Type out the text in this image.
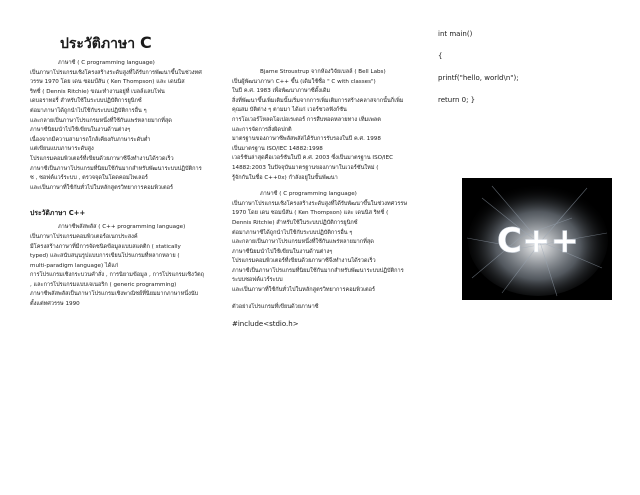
ประวัติภาษา C

ภาษาซี ( C programming language)

เป็นภาษาโปรแกรมเชิงโครงสร้างระดับสูงที่ได้รับการพัฒนาขึ้นในช่วงทศ

วรรษ 1970 โดย เดน ซอมป์สัน ( Ken Thompson) และ เดนนิส

ริทชี่ ( Dennis Ritchie) ขณะทำงานอยู่ที่ เบลล์แลบโฟน

เดบอราทอรี่ สำหรับใช้ในระบบปฏิบัติการยูนิกซ์

ต่อมาภาษาได้ถูกนำไปใช้กับระบบปฏิบัติการอื่น ๆ

และกลายเป็นภาษาโปรแกรมหนึ่งที่ใช้กันแพร่หลายมากที่สุด

ภาษาซีนิยมนำไปใช้เขียนในงานด้านต่างๆ

เนื่องจากมีความสามารถใกล้เคียงกับภาษาระดับต่ำ

แต่เขียนแบบภาษาระดับสูง

โปรแกรมคอมพิวเตอร์ที่เขียนด้วยภาษาซีจึงทำงานได้รวดเร็ว

ภาษาซีเป็นภาษาโปรแกรมที่นิยมใช้กันมากสำหรับพัฒนาระบบปฏิบัติการ

ซ , ซอฟต์แวร์ระบบ , ตรวจจุดในโดดคอมไพเลอร์

และเป็นภาษาที่ใช้กันทั่วไปในหลักสูตรวิทยาการคอมพิวเตอร์

ประวัติภาษา C++

ภาษาซีพลัสพลัส ( C++ programming language)

เป็นภาษาโปรแกรมคอมพิวเตอร์อเนกประสงค์

มีโครงสร้างภาษาที่มีการจัดชนิดข้อมูลแบบสแตติก ( statically

typed) และสนับสนุนรูปแบบการเขียนโปรแกรมที่หลากหลาย (

multi-paradigm language) ได้แก่

การโปรแกรมเชิงกระบวนคำสั่ง , การนิยามข้อมูล , การโปรแกรมเชิงวัตถุ

, และการโปรแกรมแบบเจเนอริก ( generic programming)

ภาษาซีพลัสพลัสเป็นภาษาโปรแกรมเชิงพาณิชย์ที่นิยมมากภาษาหนึ่งนับ

ตั้งแต่ทศวรรษ 1990

Bjarne Stroustrup จากห้องวิจัยเบลล์ ( Bell Labs)

เป็นผู้พัฒนาภาษา C++ ขึ้น (เดิมใช้ชื่อ " C with classes")

ในปี ค.ศ. 1983 เพื่อพัฒนาภาษาซีดั้งเดิม

สิ่งที่พัฒนาขึ้นเพิ่มเติมนั้นเริ่มจากการเพิ่มเติมการสร้างคลาสจากนั้นก็เพิ่ม

คุณสม บัติต่าง ๆ ตามมา ได้แก่ เวอร์ชวลฟังก์ชัน

การโอเวอร์โหลดโอเปอเรเตอร์ การสืบทอดหลายทาง เท็มเพลต

และการจัดการสิ่งผิดปกติ

มาตรฐานของภาษาซีพลัสพลัสได้รับการรับรองในปี ค.ศ. 1998

เป็นมาตรฐาน ISO/IEC 14882:1998

เวอร์ชันล่าสุดคือเวอร์ชันในปี ค.ศ. 2003 ซึ่งเป็นมาตรฐาน ISO/IEC

14882:2003 ในปัจจุบันมาตรฐานของภาษาในเวอร์ชันใหม่ (

รู้จักกันในชื่อ C++0x) กำลังอยู่ในขั้นพัฒนา

ภาษาซี ( C programming language)

เป็นภาษาโปรแกรมเชิงโครงสร้างระดับสูงที่ได้รับพัฒนาขึ้นในช่วงทศวรรษ

1970 โดย เดน ซอมป์สัน ( Ken Thompson) และ เดนนิส ริทชี่ (

Dennis Ritchie) สำหรับใช้ในระบบปฏิบัติการยูนิกซ์

ต่อมาภาษาซีได้ถูกนำไปใช้กับระบบปฏิบัติการอื่น ๆ

และกลายเป็นภาษาโปรแกรมหนึ่งที่ใช้กันแพร่หลายมากที่สุด

ภาษาซีนิยมนำไปใช้เขียนในงานด้านต่างๆ

โปรแกรมคอมพิวเตอร์ที่เขียนด้วยภาษาซีจึงทำงานได้รวดเร็ว

ภาษาซีเป็นภาษาโปรแกรมที่นิยมใช้กันมากสำหรับพัฒนาระบบปฏิบัติการ

ระบบซอฟต์แวร์ระบบ

และเป็นภาษาที่ใช้กันทั่วไปในหลักสูตรวิทยาการคอมพิวเตอร์

ตัวอย่างโปรแกรมที่เขียนด้วยภาษาซี

#include<stdio.h>

int main()

{

printf("hello, world\n");

return 0; }

C++
